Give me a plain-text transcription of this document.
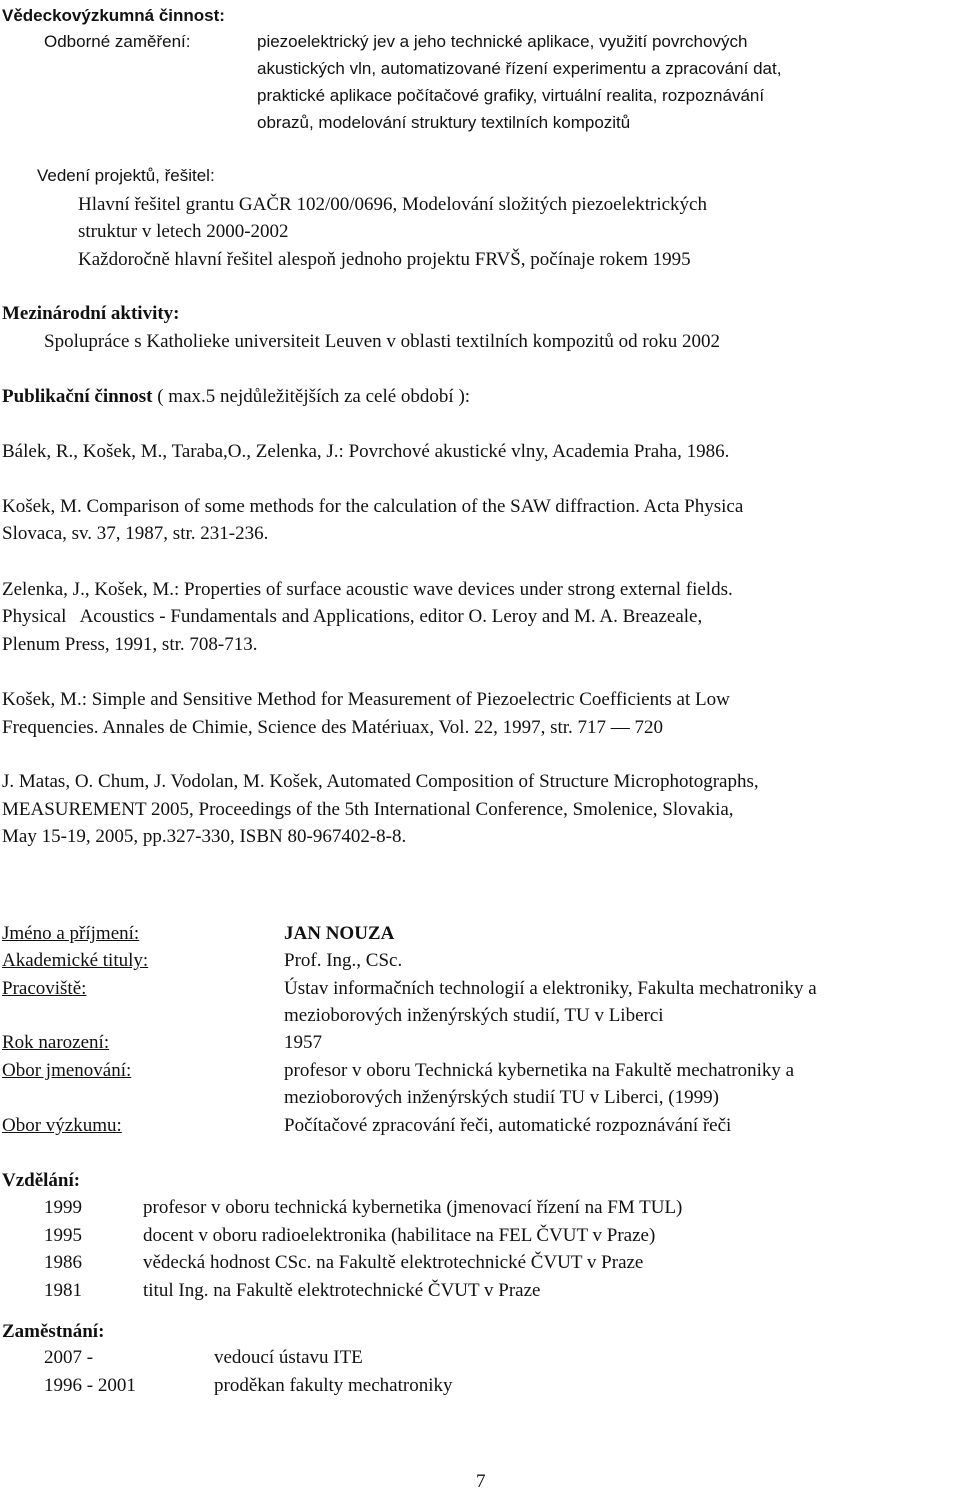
Vědeckovýzkumná činnost:
Odborné zaměření:	piezoelektrický jev a jeho technické aplikace, využití povrchových
akustických vln, automatizované řízení experimentu a zpracování dat,
praktické aplikace počítačové grafiky, virtuální realita, rozpoznávání
obrazů, modelování struktury textilních kompozitů
Vedení projektů, řešitel:
Hlavní řešitel grantu GAČR 102/00/0696, Modelování složitých piezoelektrických
struktur v letech 2000-2002
Každoročně hlavní řešitel alespoň jednoho projektu FRVŠ, počínaje rokem 1995
Mezinárodní aktivity:
Spolupráce s Katholieke universiteit Leuven v oblasti textilních kompozitů od roku 2002
Publikační činnost ( max.5 nejdůležitějších za celé období ):
Bálek, R., Košek, M., Taraba,O., Zelenka, J.: Povrchové akustické vlny, Academia Praha, 1986.
Košek, M. Comparison of some methods for the calculation of the SAW diffraction. Acta Physica
Slovaca, sv. 37, 1987, str. 231-236.
Zelenka, J., Košek, M.: Properties of surface acoustic wave devices under strong external fields.
Physical   Acoustics - Fundamentals and Applications, editor O. Leroy and M. A. Breazeale,
Plenum Press, 1991, str. 708-713.
Košek, M.: Simple and Sensitive Method for Measurement of Piezoelectric Coefficients at Low
Frequencies. Annales de Chimie, Science des Matériuax, Vol. 22, 1997, str. 717 — 720
J. Matas, O. Chum, J. Vodolan, M. Košek, Automated Composition of Structure Microphotographs,
MEASUREMENT 2005, Proceedings of the 5th International Conference, Smolenice, Slovakia,
May 15-19, 2005, pp.327-330, ISBN 80-967402-8-8.
Jméno a příjmení:	JAN NOUZA
Akademické tituly:	Prof. Ing., CSc.
Pracoviště:	Ústav informačních technologií a elektroniky, Fakulta mechatroniky a
mezioborových inženýrských studií, TU v Liberci
Rok narození:	1957
Obor jmenování:	profesor v oboru Technická kybernetika na Fakultě mechatroniky a
mezioborových inženýrských studií TU v Liberci, (1999)
Obor výzkumu:	Počítačové zpracování řeči, automatické rozpoznávání řeči
Vzdělání:
1999	profesor v oboru technická kybernetika (jmenovací řízení na FM TUL)
1995	docent v oboru radioelektronika (habilitace na FEL ČVUT v Praze)
1986	vědecká hodnost CSc. na Fakultě elektrotechnické ČVUT v Praze
1981	titul Ing. na Fakultě elektrotechnické ČVUT v Praze
Zaměstnání:
2007 -	vedoucí ústavu ITE
1996 - 2001	proděkan fakulty mechatroniky
7
